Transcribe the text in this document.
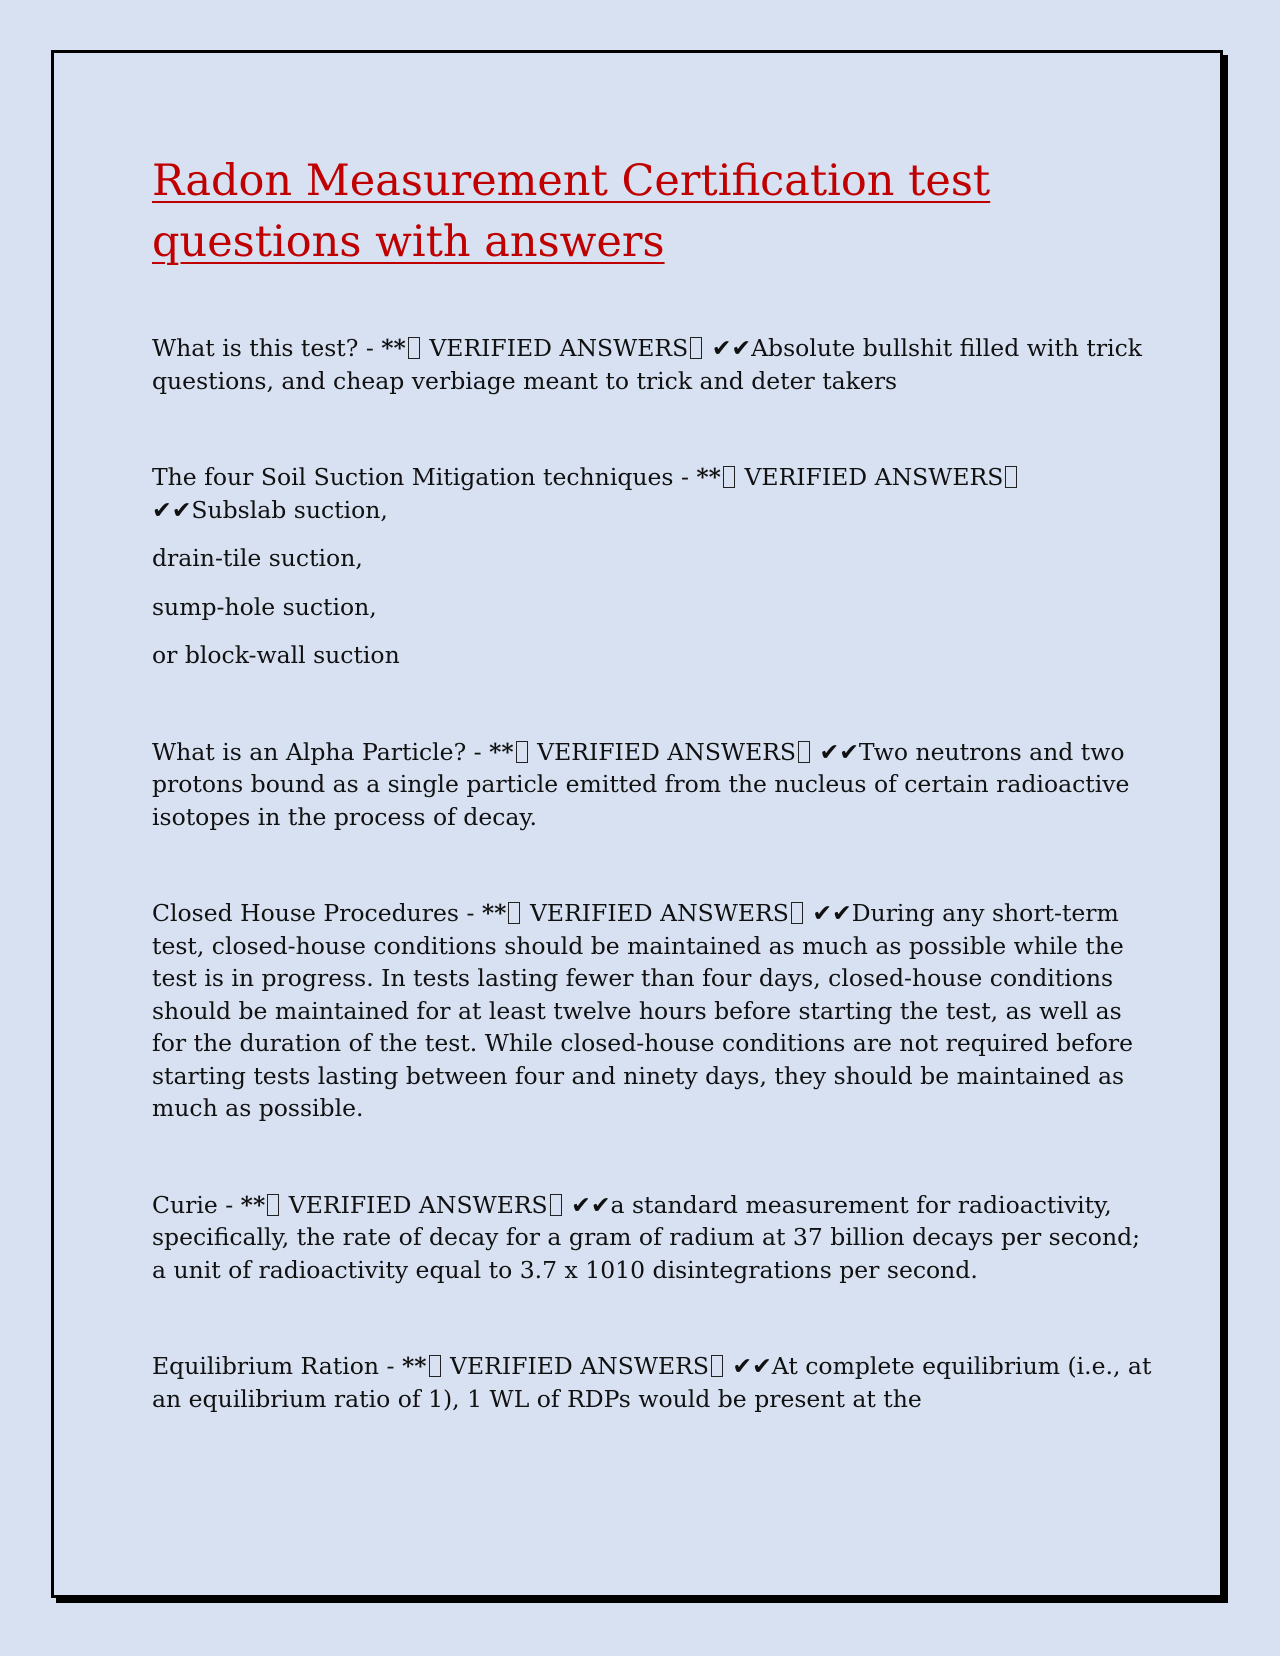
Radon Measurement Certification test questions with answers

What is this test? - ** VERIFIED ANSWERS ✔✔Absolute bullshit filled with trick questions, and cheap verbiage meant to trick and deter takers

The four Soil Suction Mitigation techniques - ** VERIFIED ANSWERS ✔✔Subslab suction,

drain-tile suction,

sump-hole suction,

or block-wall suction

What is an Alpha Particle? - ** VERIFIED ANSWERS ✔✔Two neutrons and two protons bound as a single particle emitted from the nucleus of certain radioactive isotopes in the process of decay.

Closed House Procedures - ** VERIFIED ANSWERS ✔✔During any short-term test, closed-house conditions should be maintained as much as possible while the test is in progress. In tests lasting fewer than four days, closed-house conditions should be maintained for at least twelve hours before starting the test, as well as for the duration of the test. While closed-house conditions are not required before starting tests lasting between four and ninety days, they should be maintained as much as possible.

Curie - ** VERIFIED ANSWERS ✔✔a standard measurement for radioactivity, specifically, the rate of decay for a gram of radium at 37 billion decays per second; a unit of radioactivity equal to 3.7 x 1010 disintegrations per second.

Equilibrium Ration - ** VERIFIED ANSWERS ✔✔At complete equilibrium (i.e., at an equilibrium ratio of 1), 1 WL of RDPs would be present at the
